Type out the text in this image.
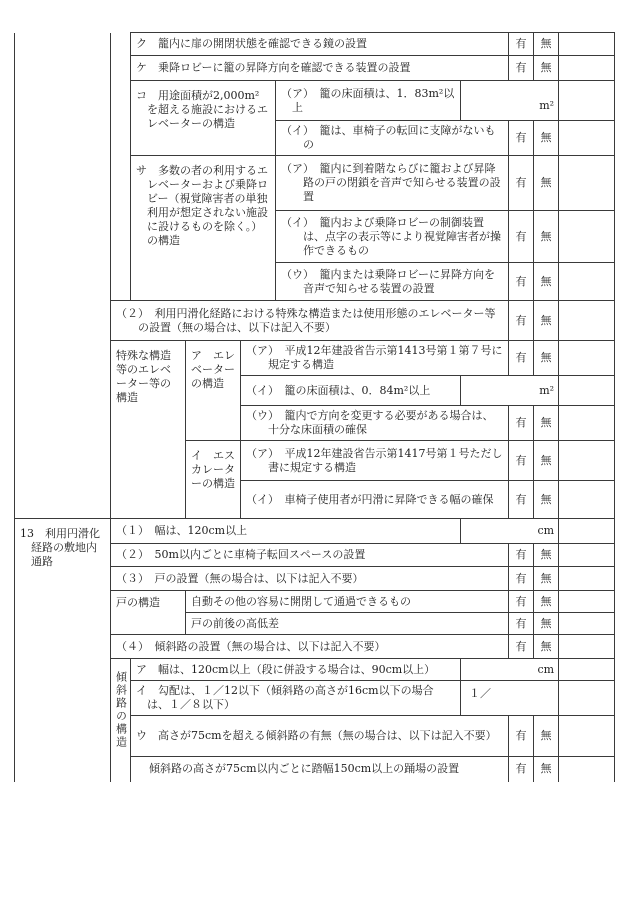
		ク　籠内に扉の開閉状態を確認できる鏡の設置					有	無	
		ケ　乗降ロビーに籠の昇降方向を確認できる装置の設置					有	無	
		コ　用途面積が2,000m²を超える施設におけるエレベーターの構造			（ア）　籠の床面積は、1．83m²以上	m²			
					（イ）　籠は、車椅子の転回に支障がないもの		有	無	
		サ　多数の者の利用するエレベーターおよび乗降ロビー（視覚障害者の単独利用が想定されない施設に設けるものを除く。）の構造			（ア）　籠内に到着階ならびに籠および昇降路の戸の閉鎖を音声で知らせる装置の設置		有	無	
					（イ）　籠内および乗降ロビーの制御装置は、点字の表示等により視覚障害者が操作できるもの		有	無	
					（ウ）　籠内または乗降ロビーに昇降方向を音声で知らせる装置の設置		有	無	
	（２）　利用円滑化経路における特殊な構造または使用形態のエレベーター等の設置（無の場合は、以下は記入不要）						有	無	
	特殊な構造等のエレベーター等の構造		ア　エレベーターの構造	（ア）　平成12年建設省告示第1413号第１第７号に規定する構造			有	無	
				（イ）　籠の床面積は、0．84m²以上		m²			
				（ウ）　籠内で方向を変更する必要がある場合は、十分な床面積の確保			有	無	
			イ　エスカレーターの構造	（ア）　平成12年建設省告示第1417号第１号ただし書に規定する構造			有	無	
				（イ）　車椅子使用者が円滑に昇降できる幅の確保			有	無	
13　利用円滑化経路の敷地内通路	（１）　幅は、120cm以上					cm			
	（２）　50m以内ごとに車椅子転回スペースの設置						有	無	
	（３）　戸の設置（無の場合は、以下は記入不要）						有	無	
	戸の構造		自動その他の容易に開閉して通過できるもの				有	無	
			戸の前後の高低差				有	無	
	（４）　傾斜路の設置（無の場合は、以下は記入不要）						有	無	
	傾斜路の構造	ア　幅は、120cm以上（段に併設する場合は、90cm以上）				cm			
		イ　勾配は、１／12以下（傾斜路の高さが16cm以下の場合は、１／８以下）				１／			
		ウ　高さが75cmを超える傾斜路の有無（無の場合は、以下は記入不要）					有	無	
		傾斜路の高さが75cm以内ごとに踏幅150cm以上の踊場の設置					有	無	
